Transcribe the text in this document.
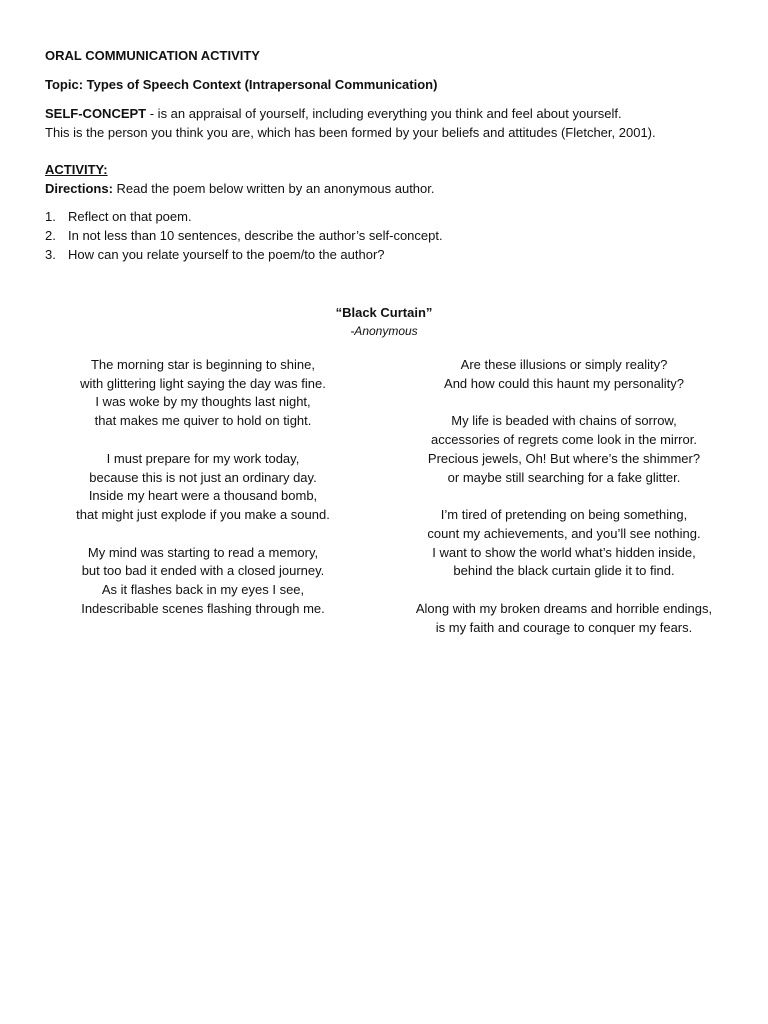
ORAL COMMUNICATION ACTIVITY
Topic: Types of Speech Context (Intrapersonal Communication)
SELF-CONCEPT - is an appraisal of yourself, including everything you think and feel about yourself.
This is the person you think you are, which has been formed by your beliefs and attitudes (Fletcher, 2001).
ACTIVITY:
Directions: Read the poem below written by an anonymous author.
1. Reflect on that poem.
2. In not less than 10 sentences, describe the author’s self-concept.
3. How can you relate yourself to the poem/to the author?
“Black Curtain”
-Anonymous
The morning star is beginning to shine,
with glittering light saying the day was fine.
I was woke by my thoughts last night,
that makes me quiver to hold on tight.
I must prepare for my work today,
because this is not just an ordinary day.
Inside my heart were a thousand bomb,
that might just explode if you make a sound.
My mind was starting to read a memory,
but too bad it ended with a closed journey.
As it flashes back in my eyes I see,
Indescribable scenes flashing through me.
Are these illusions or simply reality?
And how could this haunt my personality?
My life is beaded with chains of sorrow,
accessories of regrets come look in the mirror.
Precious jewels, Oh! But where’s the shimmer?
or maybe still searching for a fake glitter.
I’m tired of pretending on being something,
count my achievements, and you’ll see nothing.
I want to show the world what’s hidden inside,
behind the black curtain glide it to find.
Along with my broken dreams and horrible endings,
is my faith and courage to conquer my fears.
